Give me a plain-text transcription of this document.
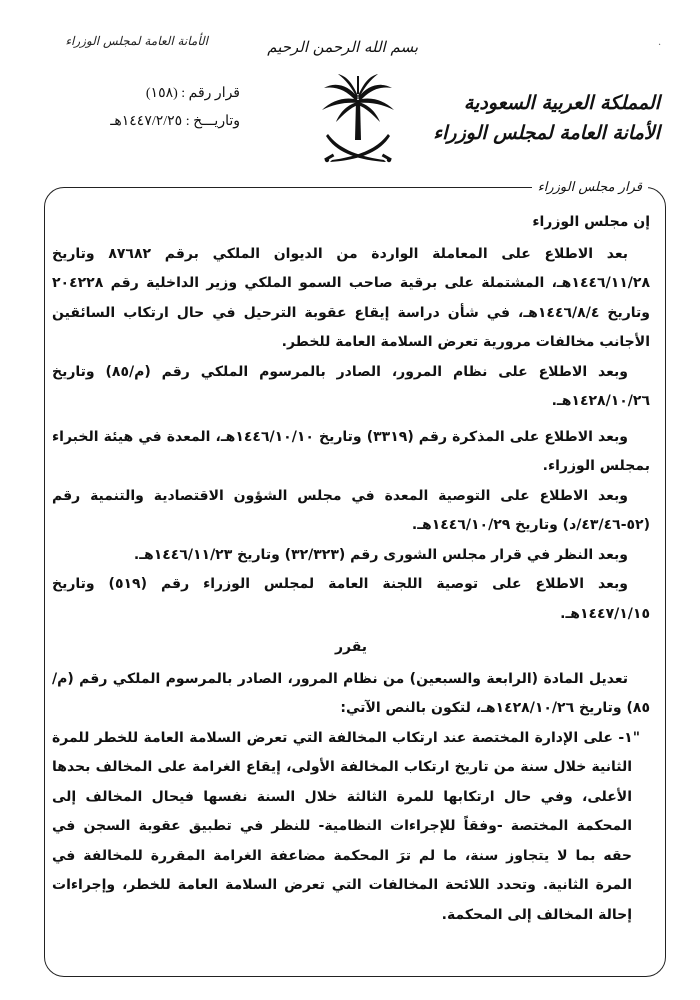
·
الأمانة العامة لمجلس الوزراء	بسم الله الرحمن الرحيم
قرار رقم : (١٥٨)
وتاريـــخ : ١٤٤٧/٢/٢٥هـ
المملكة العربية السعودية
الأمانة العامة لمجلس الوزراء
قرار مجلس الوزراء

إن مجلس الوزراء

بعد الاطلاع على المعاملة الواردة من الديوان الملكي برقم ٨٧٦٨٢ وتاريخ ١٤٤٦/١١/٢٨هـ، المشتملة على برقية صاحب السمو الملكي وزير الداخلية رقم ٢٠٤٢٢٨ وتاريخ ١٤٤٦/٨/٤هـ، في شأن دراسة إيقاع عقوبة الترحيل في حال ارتكاب السائقين الأجانب مخالفات مرورية تعرض السلامة العامة للخطر.

وبعد الاطلاع على نظام المرور، الصادر بالمرسوم الملكي رقم (م/٨٥) وتاريخ ١٤٢٨/١٠/٢٦هـ.

وبعد الاطلاع على المذكرة رقم (٣٣١٩) وتاريخ ١٤٤٦/١٠/١٠هـ، المعدة في هيئة الخبراء بمجلس الوزراء.

وبعد الاطلاع على التوصية المعدة في مجلس الشؤون الاقتصادية والتنمية رقم (٥٢-٤٣/٤٦/د) وتاريخ ١٤٤٦/١٠/٢٩هـ.

وبعد النظر في قرار مجلس الشورى رقم (٣٢/٣٢٣) وتاريخ ١٤٤٦/١١/٢٣هـ.

وبعد الاطلاع على توصية اللجنة العامة لمجلس الوزراء رقم (٥١٩) وتاريخ ١٤٤٧/١/١٥هـ.

يقرر

تعديل المادة (الرابعة والسبعين) من نظام المرور، الصادر بالمرسوم الملكي رقم (م/٨٥) وتاريخ ١٤٢٨/١٠/٢٦هـ، لتكون بالنص الآتي:

"١- على الإدارة المختصة عند ارتكاب المخالفة التي تعرض السلامة العامة للخطر للمرة الثانية خلال سنة من تاريخ ارتكاب المخالفة الأولى، إيقاع الغرامة على المخالف بحدها الأعلى، وفي حال ارتكابها للمرة الثالثة خلال السنة نفسها فيحال المخالف إلى المحكمة المختصة -وفقاً للإجراءات النظامية- للنظر في تطبيق عقوبة السجن في حقه بما لا يتجاوز سنة، ما لم ترَ المحكمة مضاعفة الغرامة المقررة للمخالفة في المرة الثانية. وتحدد اللائحة المخالفات التي تعرض السلامة العامة للخطر، وإجراءات إحالة المخالف إلى المحكمة.
